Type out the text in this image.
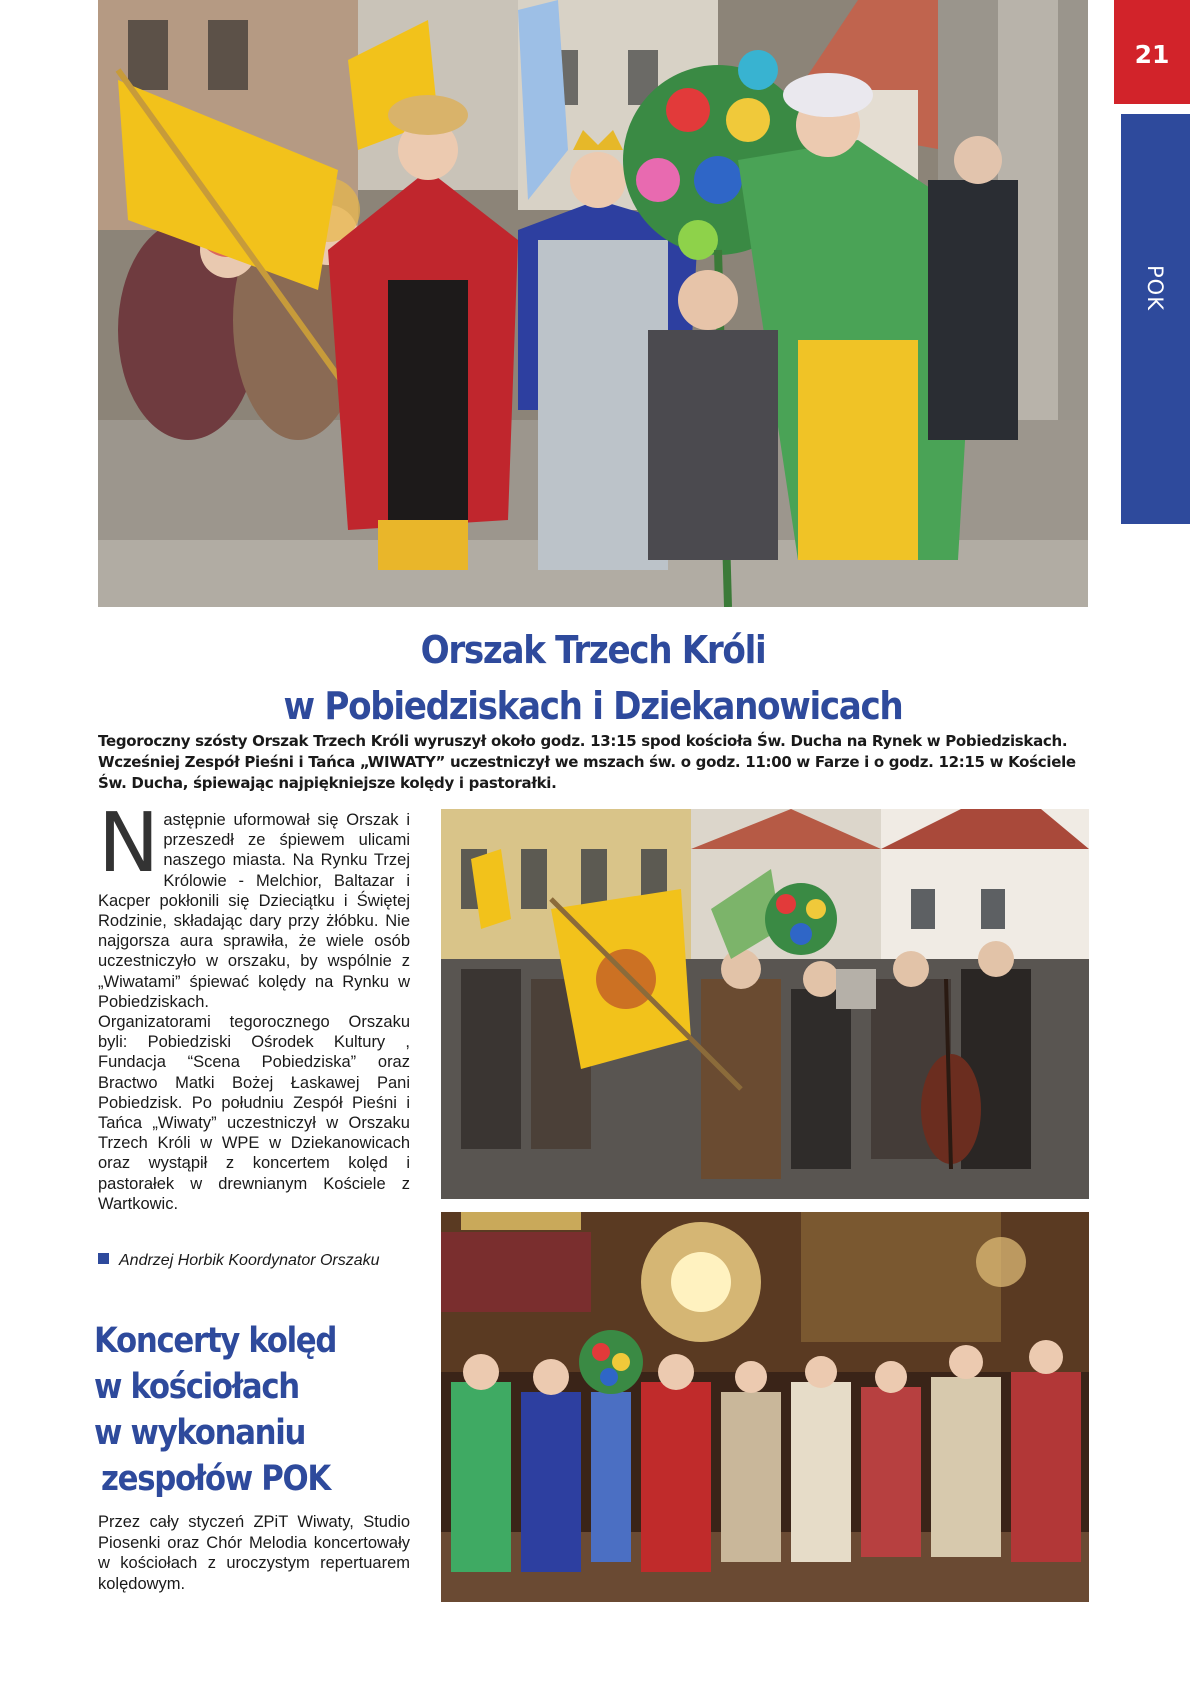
21
POK
Orszak Trzech Króli
w Pobiedziskach i Dziekanowicach

Tegoroczny szósty Orszak Trzech Króli wyruszył około godz. 13:15 spod kościoła Św. Ducha na Rynek w Pobiedziskach. Wcześniej Zespół Pieśni i Tańca „WIWATY” uczestniczył we mszach św. o godz. 11:00 w Farze i o godz. 12:15 w Kościele Św. Ducha, śpiewając najpiękniejsze kolędy i pastorałki.

Następnie uformował się Orszak i przeszedł ze śpiewem ulicami naszego miasta. Na Rynku Trzej Królowie - Melchior, Baltazar i Kacper pokłonili się Dzieciątku i Świętej Rodzinie, składając dary przy żłóbku. Nie najgorsza aura sprawiła, że wiele osób uczestniczyło w orszaku, by wspólnie z „Wiwatami” śpiewać kolędy na Rynku w Pobiedziskach.
Organizatorami tegorocznego Orszaku byli: Pobiedziski Ośrodek Kultury , Fundacja “Scena Pobiedziska” oraz Bractwo Matki Bożej Łaskawej Pani Pobiedzisk. Po południu Zespół Pieśni i Tańca „Wiwaty” uczestniczył w Orszaku Trzech Króli w WPE w Dziekanowicach oraz wystąpił z koncertem kolęd i pastorałek w drewnianym Kościele z Wartkowic.

Andrzej Horbik Koordynator Orszaku

Koncerty kolęd
w kościołach
w wykonaniu
zespołów POK

Przez cały styczeń ZPiT Wiwaty, Studio Piosenki oraz Chór Melodia koncertowały w kościołach z uroczystym repertuarem kolędowym.
